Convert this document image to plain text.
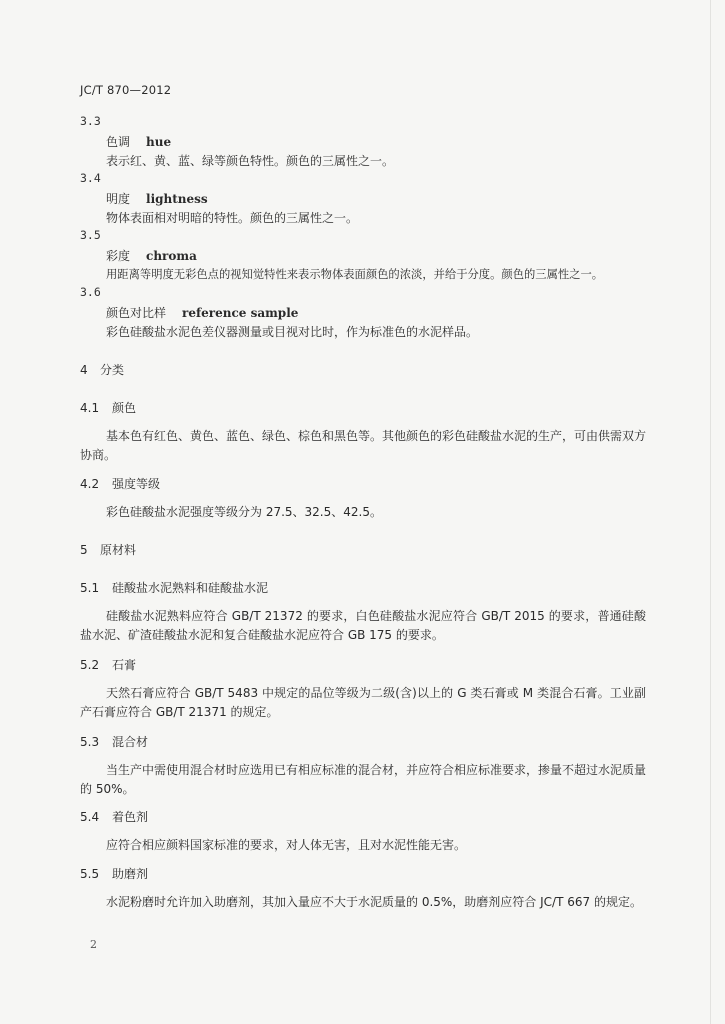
JC/T 870—2012
3.3
色调 hue
表示红、黄、蓝、绿等颜色特性。颜色的三属性之一。
3.4
明度 lightness
物体表面相对明暗的特性。颜色的三属性之一。
3.5
彩度 chroma
用距离等明度无彩色点的视知觉特性来表示物体表面颜色的浓淡，并给于分度。颜色的三属性之一。
3.6
颜色对比样 reference sample
彩色硅酸盐水泥色差仪器测量或目视对比时，作为标准色的水泥样品。
4 分类
4.1 颜色

基本色有红色、黄色、蓝色、绿色、棕色和黑色等。其他颜色的彩色硅酸盐水泥的生产，可由供需双方协商。

4.2 强度等级

彩色硅酸盐水泥强度等级分为 27.5、32.5、42.5。

5 原材料
5.1 硅酸盐水泥熟料和硅酸盐水泥

硅酸盐水泥熟料应符合 GB/T 21372 的要求，白色硅酸盐水泥应符合 GB/T 2015 的要求，普通硅酸盐水泥、矿渣硅酸盐水泥和复合硅酸盐水泥应符合 GB 175 的要求。

5.2 石膏

天然石膏应符合 GB/T 5483 中规定的品位等级为二级(含)以上的 G 类石膏或 M 类混合石膏。工业副产石膏应符合 GB/T 21371 的规定。

5.3 混合材

当生产中需使用混合材时应选用已有相应标准的混合材，并应符合相应标准要求，掺量不超过水泥质量的 50%。

5.4 着色剂

应符合相应颜料国家标准的要求，对人体无害，且对水泥性能无害。

5.5 助磨剂

水泥粉磨时允许加入助磨剂，其加入量应不大于水泥质量的 0.5%，助磨剂应符合 JC/T 667 的规定。

2
